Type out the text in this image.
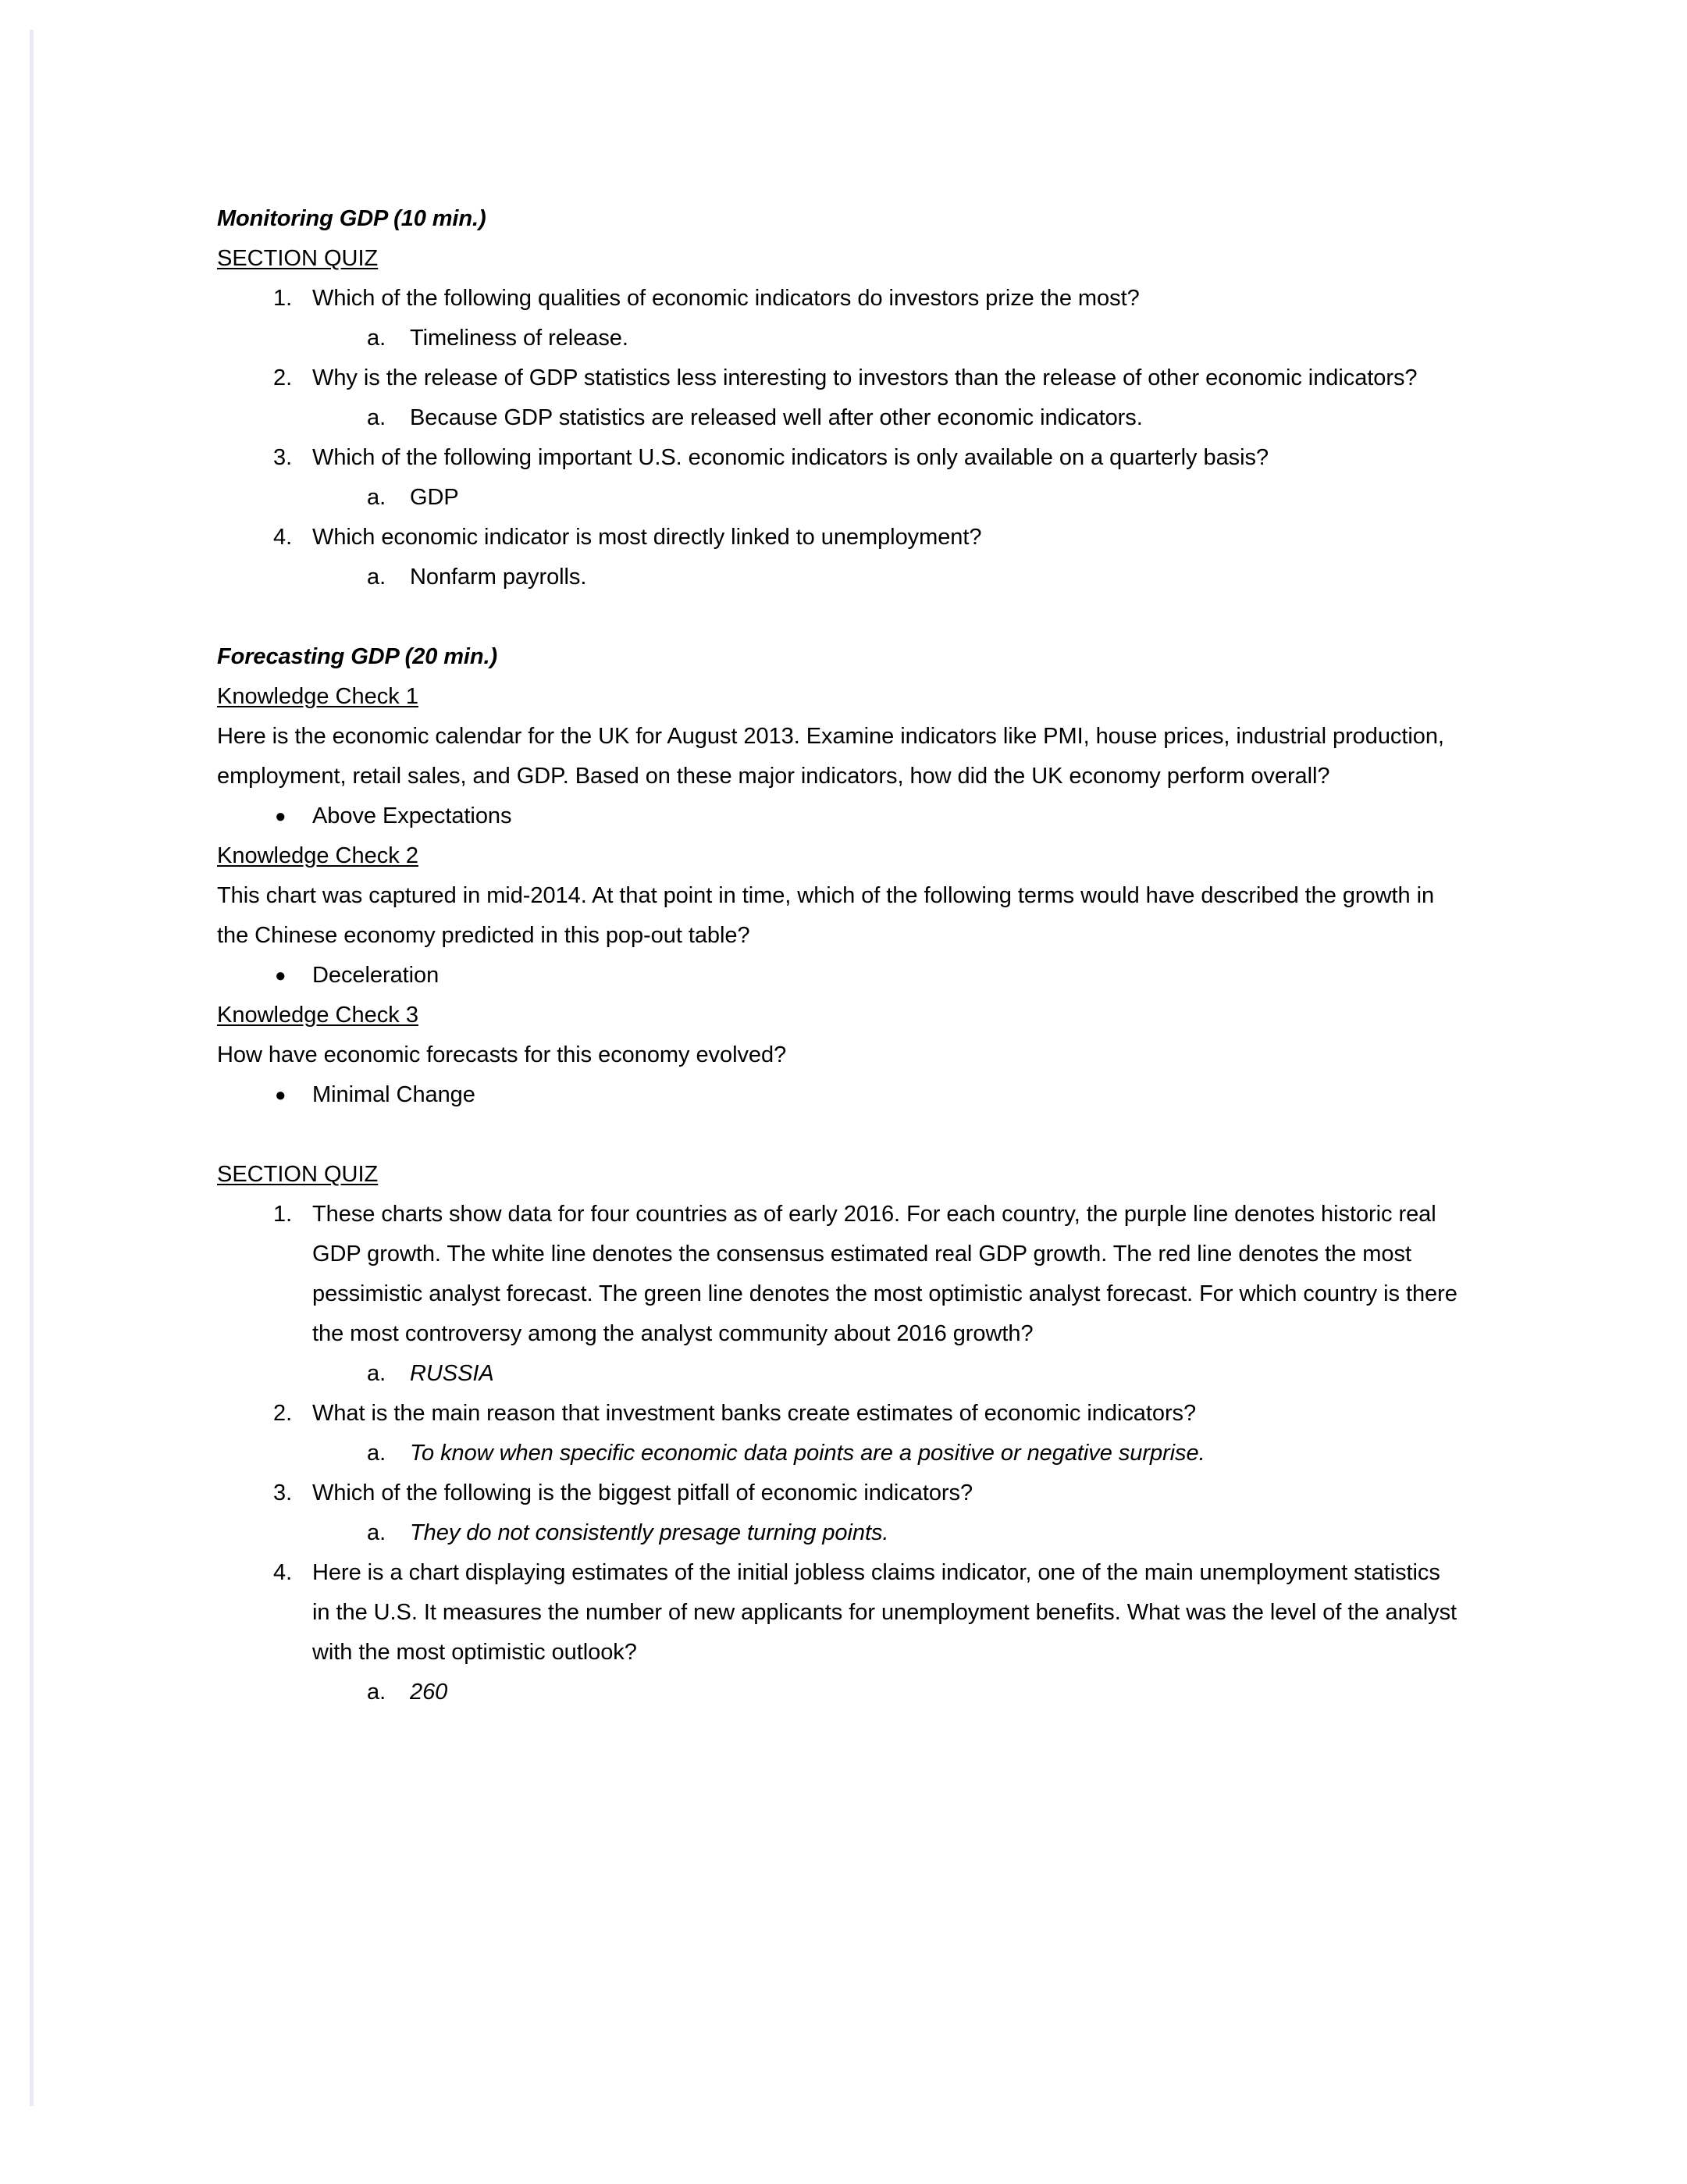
Monitoring GDP (10 min.)
SECTION QUIZ
1. Which of the following qualities of economic indicators do investors prize the most?
a.	Timeliness of release.
2. Why is the release of GDP statistics less interesting to investors than the release of other economic indicators?
a.	Because GDP statistics are released well after other economic indicators.
3. Which of the following important U.S. economic indicators is only available on a quarterly basis?
a.	GDP
4. Which economic indicator is most directly linked to unemployment?
a.	Nonfarm payrolls.
Forecasting GDP (20 min.)
Knowledge Check 1
Here is the economic calendar for the UK for August 2013. Examine indicators like PMI, house prices, industrial production, employment, retail sales, and GDP. Based on these major indicators, how did the UK economy perform overall?
● Above Expectations
Knowledge Check 2
This chart was captured in mid-2014. At that point in time, which of the following terms would have described the growth in the Chinese economy predicted in this pop-out table?
● Deceleration
Knowledge Check 3
How have economic forecasts for this economy evolved?
● Minimal Change
SECTION QUIZ
1. These charts show data for four countries as of early 2016. For each country, the purple line denotes historic real GDP growth. The white line denotes the consensus estimated real GDP growth. The red line denotes the most pessimistic analyst forecast. The green line denotes the most optimistic analyst forecast. For which country is there the most controversy among the analyst community about 2016 growth?
a.	RUSSIA
2. What is the main reason that investment banks create estimates of economic indicators?
a.	To know when specific economic data points are a positive or negative surprise.
3. Which of the following is the biggest pitfall of economic indicators?
a.	They do not consistently presage turning points.
4. Here is a chart displaying estimates of the initial jobless claims indicator, one of the main unemployment statistics in the U.S. It measures the number of new applicants for unemployment benefits. What was the level of the analyst with the most optimistic outlook?
a.	260
